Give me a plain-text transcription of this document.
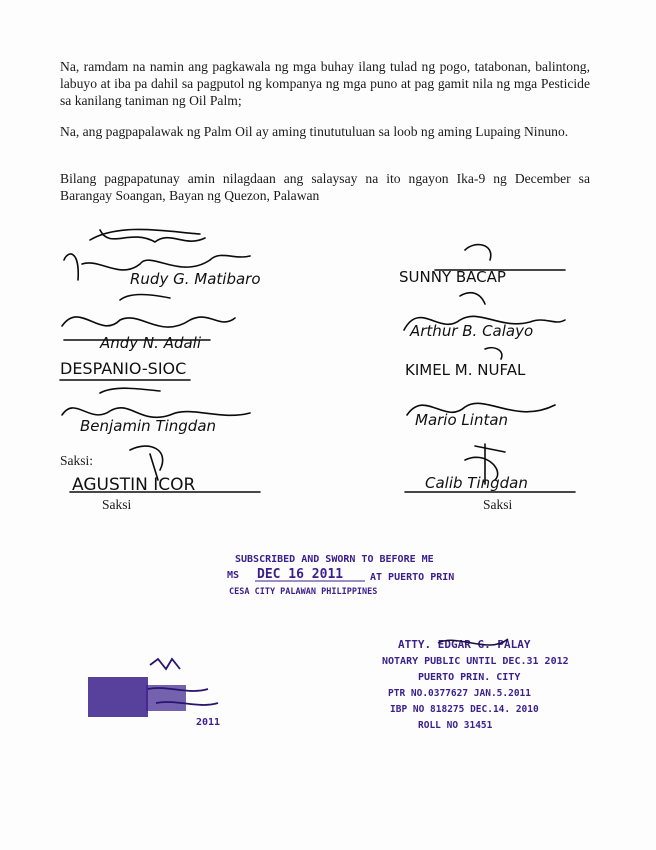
Na, ramdam na namin ang pagkawala ng mga buhay ilang tulad ng pogo, tatabonan, balintong, labuyo at iba pa dahil sa pagputol ng kompanya ng mga puno at pag gamit nila ng mga Pesticide sa kanilang taniman ng Oil Palm;

Na, ang pagpapalawak ng Palm Oil ay aming tinututuluan sa loob ng aming Lupaing Ninuno.

Bilang pagpapatunay amin nilagdaan ang salaysay na ito ngayon Ika-9 ng December sa Barangay Soangan, Bayan ng Quezon, Palawan

Rudy G. Matibaro
Andy N. Adali
DESPANIO-SIOC
Benjamin Tingdan
SUNNY BACAP
Arthur B. Calayo
KIMEL M. NUFAL
Mario Lintan
Saksi:
AGUSTIN ICOR
Saksi
Calib Tingdan
Saksi
SUBSCRIBED AND SWORN TO BEFORE ME
MS DEC 16 2011	AT PUERTO PRIN
CESA CITY PALAWAN PHILIPPINES
ATTY. EDGAR G. PALAY
NOTARY PUBLIC UNTIL DEC.31 2012
PUERTO PRIN. CITY
PTR NO.0377627 JAN.5.2011
IBP NO 818275 DEC.14. 2010
ROLL NO 31451
2011
